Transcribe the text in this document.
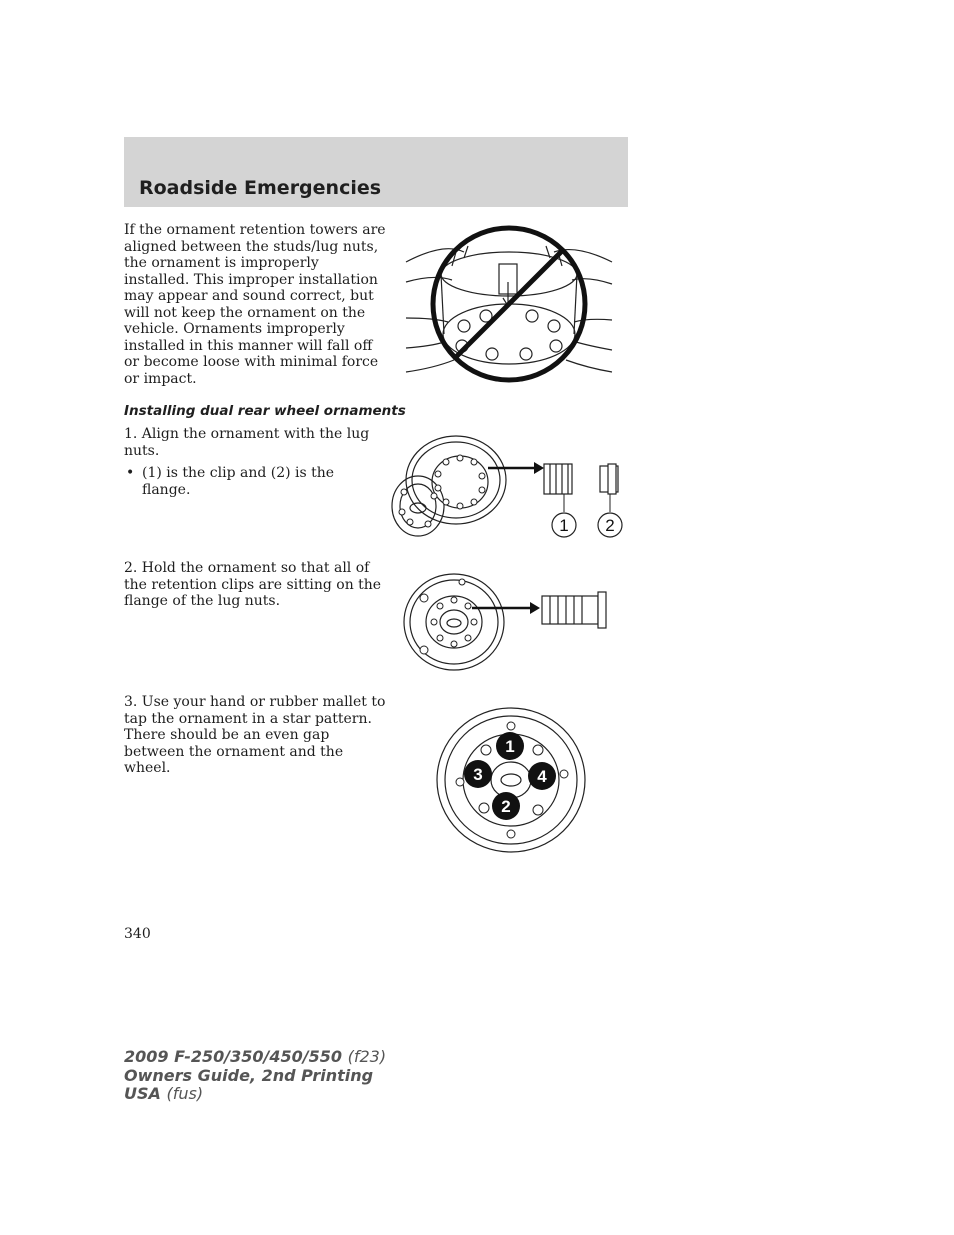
Roadside Emergencies

If the ornament retention towers are aligned between the studs/lug nuts, the ornament is improperly installed. This improper installation may appear and sound correct, but will not keep the ornament on the vehicle. Ornaments improperly installed in this manner will fall off or become loose with minimal force or impact.

Installing dual rear wheel ornaments

1. Align the ornament with the lug nuts.

• (1) is the clip and (2) is the flange.
1 2

2. Hold the ornament so that all of the retention clips are sitting on the flange of the lug nuts.

3. Use your hand or rubber mallet to tap the ornament in a star pattern. There should be an even gap between the ornament and the wheel.

1
2
3	4
340
2009 F-250/350/450/550 (f23)
Owners Guide, 2nd Printing
USA (fus)
